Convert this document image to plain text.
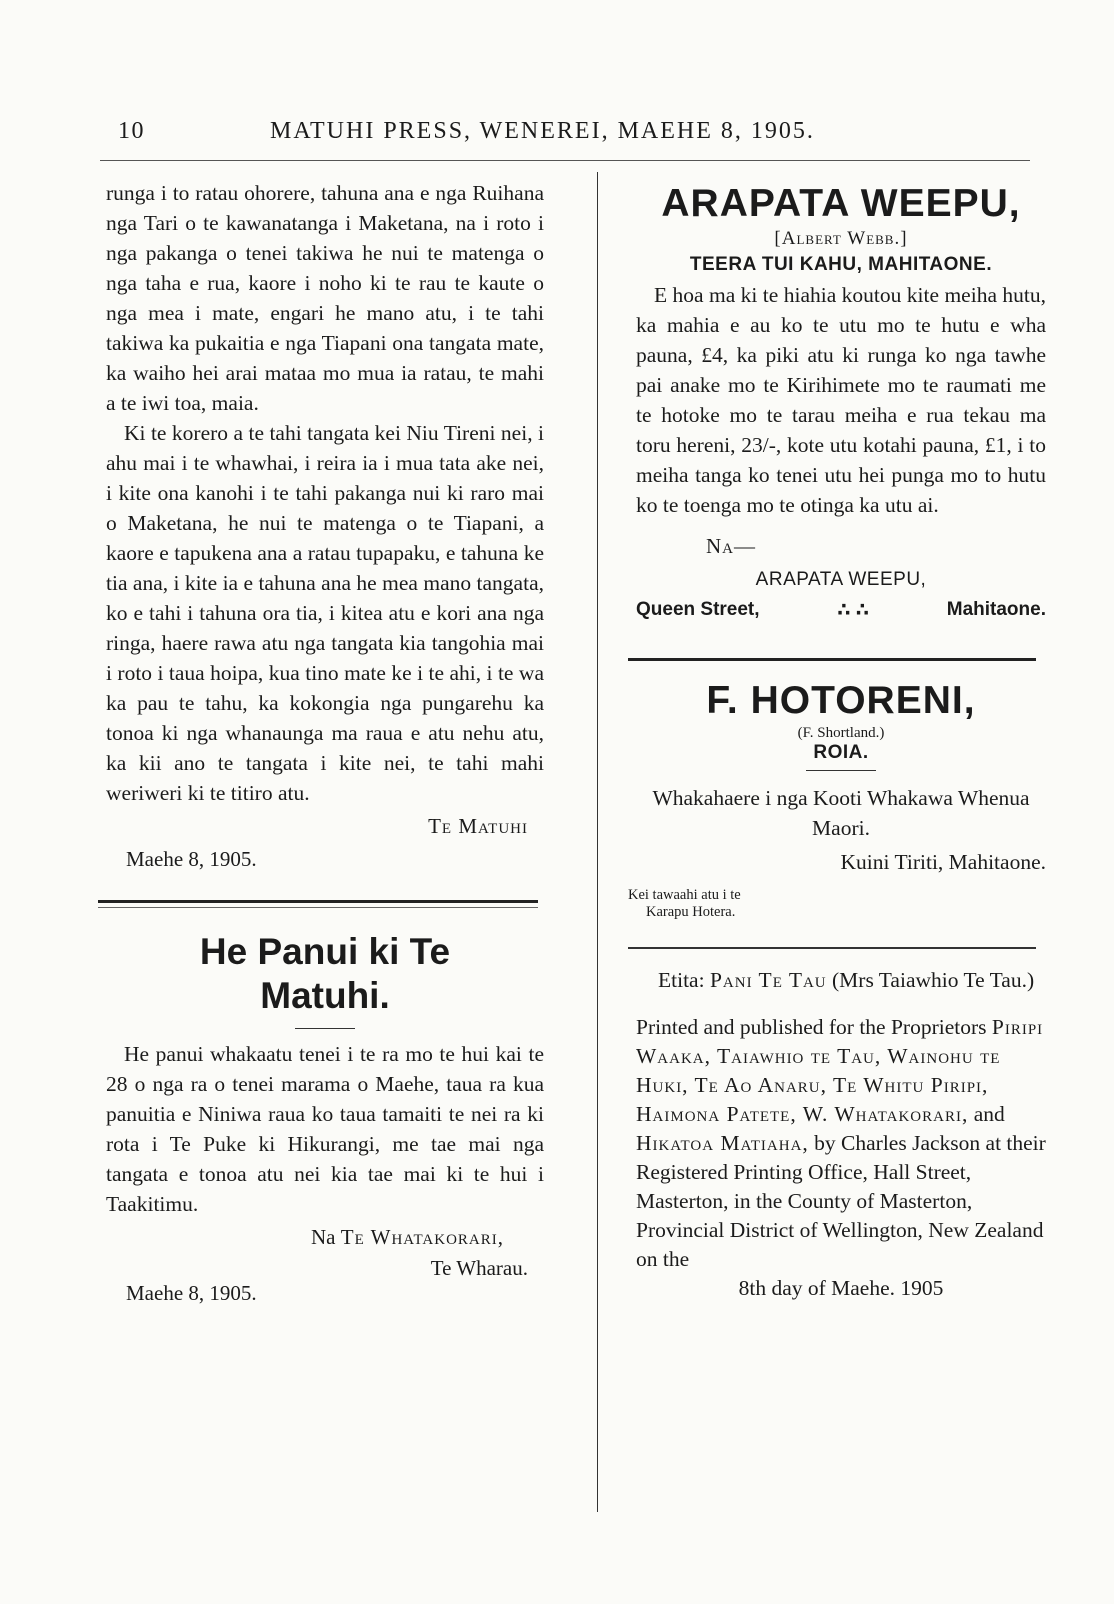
10	MATUHI PRESS, WENEREI, MAEHE 8, 1905.

runga i to ratau ohorere, tahuna ana e nga Ruihana nga Tari o te kawanatanga i Maketana, na i roto i nga pakanga o tenei takiwa he nui te matenga o nga taha e rua, kaore i noho ki te rau te kaute o nga mea i mate, engari he mano atu, i te tahi takiwa ka pukaitia e nga Tiapani ona tangata mate, ka waiho hei arai mataa mo mua ia ratau, te mahi a te iwi toa, maia.

Ki te korero a te tahi tangata kei Niu Tireni nei, i ahu mai i te whawhai, i reira ia i mua tata ake nei, i kite ona kanohi i te tahi pakanga nui ki raro mai o Maketana, he nui te matenga o te Tiapani, a kaore e tapukena ana a ratau tupapaku, e tahuna ke tia ana, i kite ia e tahuna ana he mea mano tangata, ko e tahi i tahuna ora tia, i kitea atu e kori ana nga ringa, haere rawa atu nga tangata kia tangohia mai i roto i taua hoipa, kua tino mate ke i te ahi, i te wa ka pau te tahu, ka kokongia nga pungarehu ka tonoa ki nga whanaunga ma raua e atu nehu atu, ka kii ano te tangata i kite nei, te tahi mahi weriweri ki te titiro atu.

Te Matuhi
Maehe 8, 1905.
He Panui ki Te
Matuhi.

He panui whakaatu tenei i te ra mo te hui kai te 28 o nga ra o tenei marama o Maehe, taua ra kua panuitia e Niniwa raua ko taua tamaiti te nei ra ki rota i Te Puke ki Hikurangi, me tae mai nga tangata e tonoa atu nei kia tae mai ki te hui i Taakitimu.

Na Te Whatakorari,
Te Wharau.
Maehe 8, 1905.
ARAPATA WEEPU,
[Albert Webb.]
TEERA TUI KAHU, MAHITAONE.

E hoa ma ki te hiahia koutou kite meiha hutu, ka mahia e au ko te utu mo te hutu e wha pauna, £4, ka piki atu ki runga ko nga tawhe pai anake mo te Kirihimete mo te raumati me te hotoke mo te tarau meiha e rua tekau ma toru hereni, 23/-, kote utu kotahi pauna, £1, i to meiha tanga ko tenei utu hei punga mo to hutu ko te toenga mo te otinga ka utu ai.

Na—
ARAPATA WEEPU,
Queen Street,	∴ ∴	Mahitaone.
F. HOTORENI,
(F. Shortland.)
ROIA.

Whakahaere i nga Kooti Whakawa Whenua Maori.

Kuini Tiriti, Mahitaone.
Kei tawaahi atu i te
Karapu Hotera.

Etita: Pani Te Tau (Mrs Taiawhio Te Tau.)

Printed and published for the Proprietors Piripi Waaka, Taiawhio te Tau, Wainohu te Huki, Te Ao Anaru, Te Whitu Piripi, Haimona Patete, W. Whatakorari, and Hikatoa Matiaha, by Charles Jackson at their Registered Printing Office, Hall Street, Masterton, in the County of Masterton, Provincial District of Wellington, New Zealand on the

8th day of Maehe. 1905
